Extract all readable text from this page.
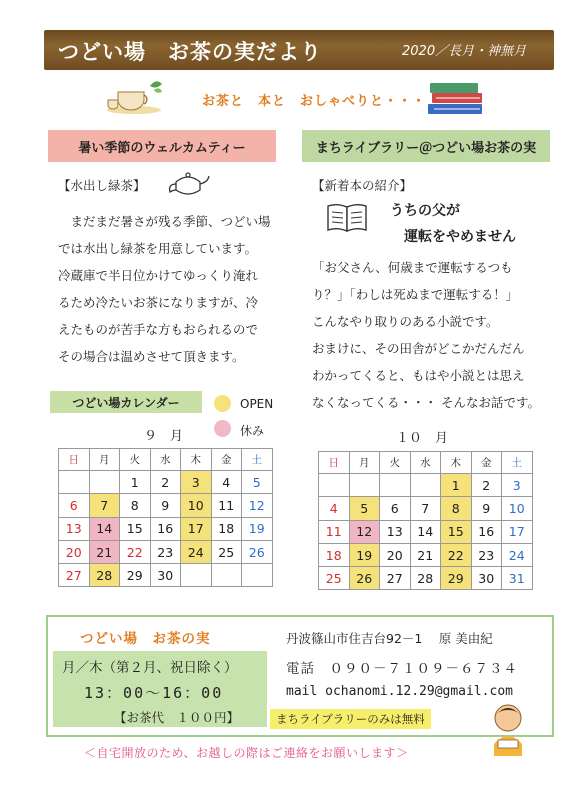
つどい場　お茶の実だより	2020／長月・神無月
お茶と　本と　おしゃべりと・・・
暑い季節のウェルカムティー
【水出し緑茶】
　まだまだ暑さが残る季節、つどい場
では水出し緑茶を用意しています。
冷蔵庫で半日位かけてゆっくり淹れ
るため冷たいお茶になりますが、冷
えたものが苦手な方もおられるので
その場合は温めさせて頂きます。
まちライブラリー＠つどい場お茶の実
【新着本の紹介】
うちの父が
　運転をやめません
「お父さん、何歳まで運転するつも
り？」「わしは死ぬまで運転する！」
こんなやり取りのある小説です。
おまけに、その田舎がどこかだんだん
わかってくると、もはや小説とは思え
なくなってくる・・・ そんなお話です。
つどい場カレンダー	OPEN
休み
９　月
日	月	火	水	木	金	土
		1	2	3	4	5
6	7	8	9	10	11	12
13	14	15	16	17	18	19
20	21	22	23	24	25	26
27	28	29	30			
１０　月
日	月	火	水	木	金	土
				1	2	3
4	5	6	7	8	9	10
11	12	13	14	15	16	17
18	19	20	21	22	23	24
25	26	27	28	29	30	31
つどい場　お茶の実
月／木（第２月、祝日除く）
13：00～16：00
【お茶代　１００円】
丹波篠山市住吉台92－1　 原 美由紀
電話　０９０－７１０９－６７３４
mail ochanomi.12.29@gmail.com
まちライブラリーのみは無料
＜自宅開放のため、お越しの際はご連絡をお願いします＞
